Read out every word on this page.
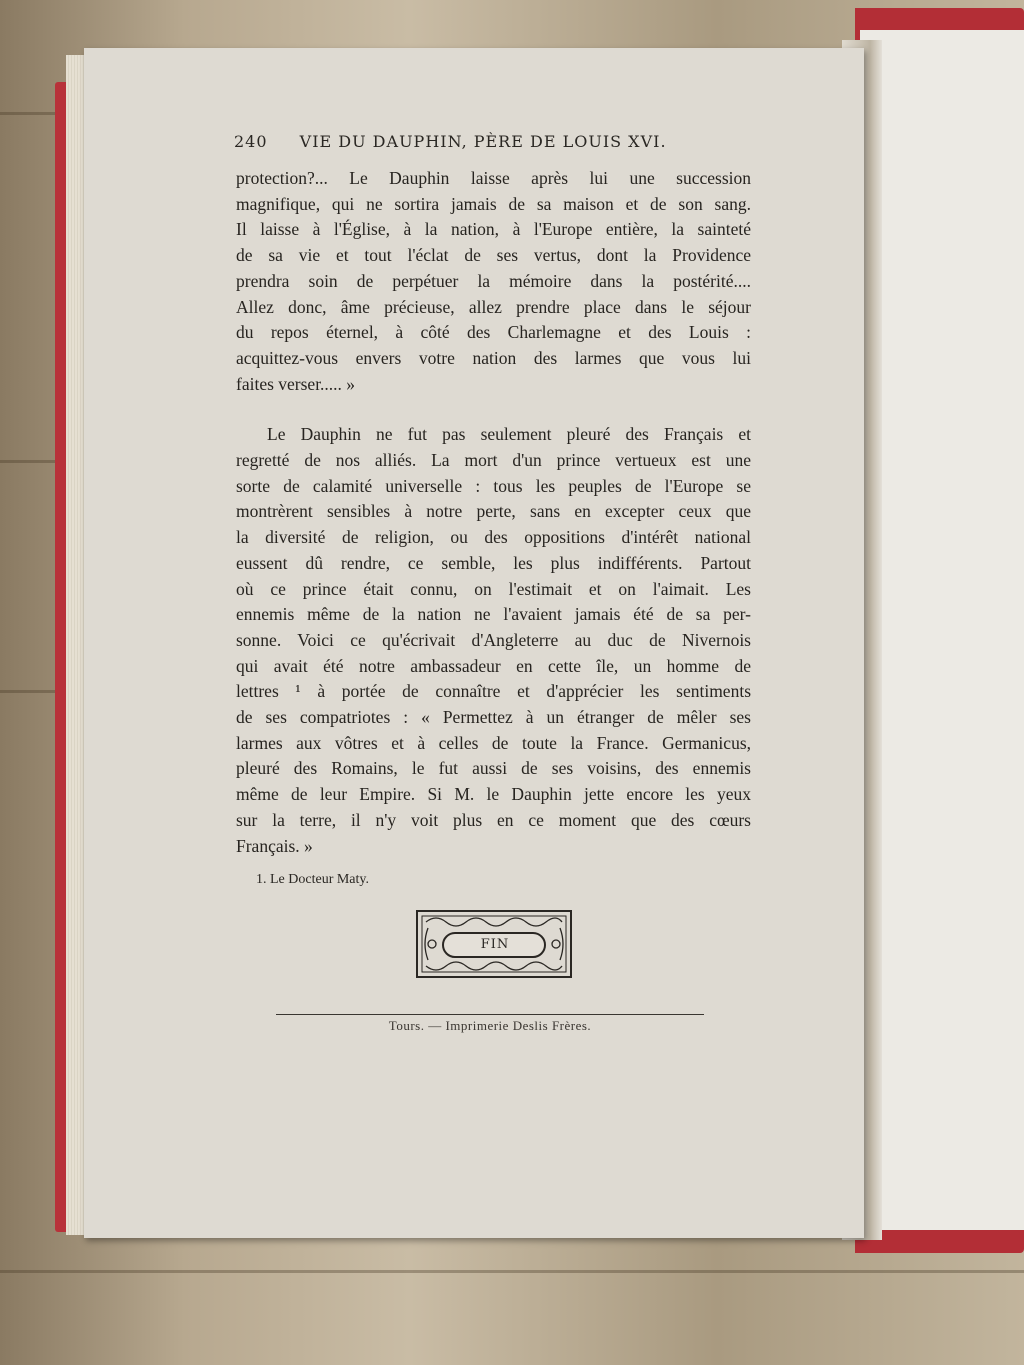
240 VIE DU DAUPHIN, PÈRE DE LOUIS XVI.
protection?... Le Dauphin laisse après lui une succession
magnifique, qui ne sortira jamais de sa maison et de son sang.
Il laisse à l'Église, à la nation, à l'Europe entière, la sainteté
de sa vie et tout l'éclat de ses vertus, dont la Providence
prendra soin de perpétuer la mémoire dans la postérité....
Allez donc, âme précieuse, allez prendre place dans le séjour
du repos éternel, à côté des Charlemagne et des Louis :
acquittez-vous envers votre nation des larmes que vous lui
faites verser..... »
Le Dauphin ne fut pas seulement pleuré des Français et
regretté de nos alliés. La mort d'un prince vertueux est une
sorte de calamité universelle : tous les peuples de l'Europe se
montrèrent sensibles à notre perte, sans en excepter ceux que
la diversité de religion, ou des oppositions d'intérêt national
eussent dû rendre, ce semble, les plus indifférents. Partout
où ce prince était connu, on l'estimait et on l'aimait. Les
ennemis même de la nation ne l'avaient jamais été de sa per-
sonne. Voici ce qu'écrivait d'Angleterre au duc de Nivernois
qui avait été notre ambassadeur en cette île, un homme de
lettres ¹ à portée de connaître et d'apprécier les sentiments
de ses compatriotes : « Permettez à un étranger de mêler ses
larmes aux vôtres et à celles de toute la France. Germanicus,
pleuré des Romains, le fut aussi de ses voisins, des ennemis
même de leur Empire. Si M. le Dauphin jette encore les yeux
sur la terre, il n'y voit plus en ce moment que des cœurs
Français. »
1. Le Docteur Maty.
FIN
Tours. — Imprimerie Deslis Frères.
